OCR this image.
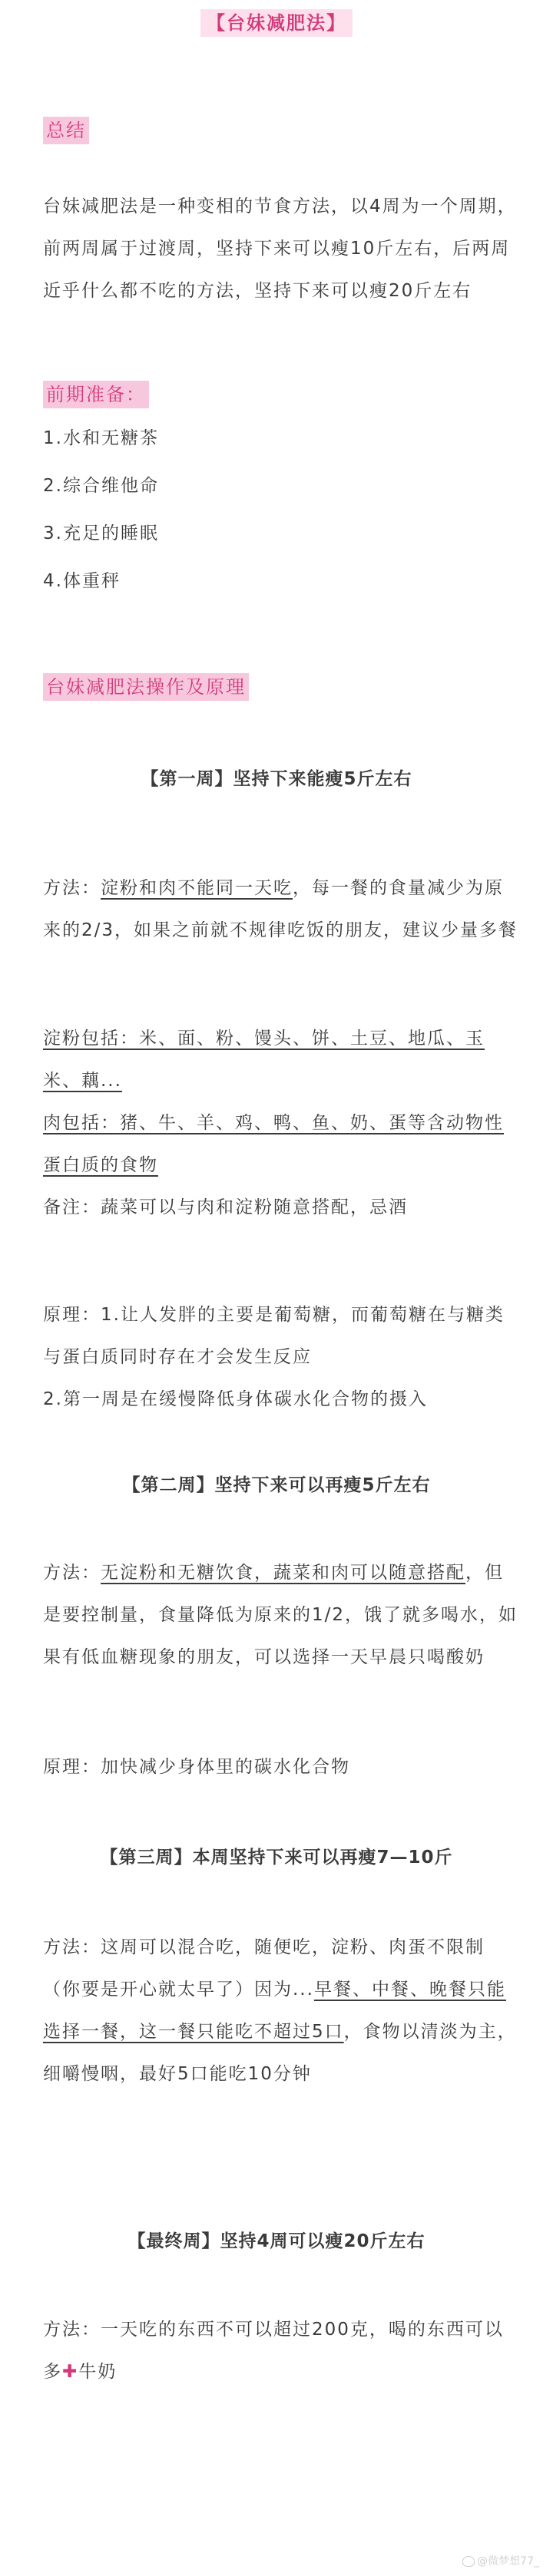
【台妹减肥法】

总结

台妹减肥法是一种变相的节食方法，以4周为一个周期，前两周属于过渡周，坚持下来可以瘦10斤左右，后两周近乎什么都不吃的方法，坚持下来可以瘦20斤左右

前期准备：

1.水和无糖茶
2.综合维他命
3.充足的睡眠
4.体重秤

台妹减肥法操作及原理

【第一周】坚持下来能瘦5斤左右

方法：淀粉和肉不能同一天吃，每一餐的食量减少为原来的2/3，如果之前就不规律吃饭的朋友，建议少量多餐

淀粉包括：米、面、粉、馒头、饼、土豆、地瓜、玉米、藕...

肉包括：猪、牛、羊、鸡、鸭、鱼、奶、蛋等含动物性蛋白质的食物

备注：蔬菜可以与肉和淀粉随意搭配，忌酒

原理：1.让人发胖的主要是葡萄糖，而葡萄糖在与糖类与蛋白质同时存在才会发生反应

2.第一周是在缓慢降低身体碳水化合物的摄入

【第二周】坚持下来可以再瘦5斤左右

方法：无淀粉和无糖饮食，蔬菜和肉可以随意搭配，但是要控制量，食量降低为原来的1/2，饿了就多喝水，如果有低血糖现象的朋友，可以选择一天早晨只喝酸奶

原理：加快减少身体里的碳水化合物

【第三周】本周坚持下来可以再瘦7—10斤

方法：这周可以混合吃，随便吃，淀粉、肉蛋不限制（你要是开心就太早了）因为...早餐、中餐、晚餐只能选择一餐，这一餐只能吃不超过5口，食物以清淡为主，细嚼慢咽，最好5口能吃10分钟

【最终周】坚持4周可以瘦20斤左右

方法：一天吃的东西不可以超过200克，喝的东西可以多✚牛奶

@微梦想77_
